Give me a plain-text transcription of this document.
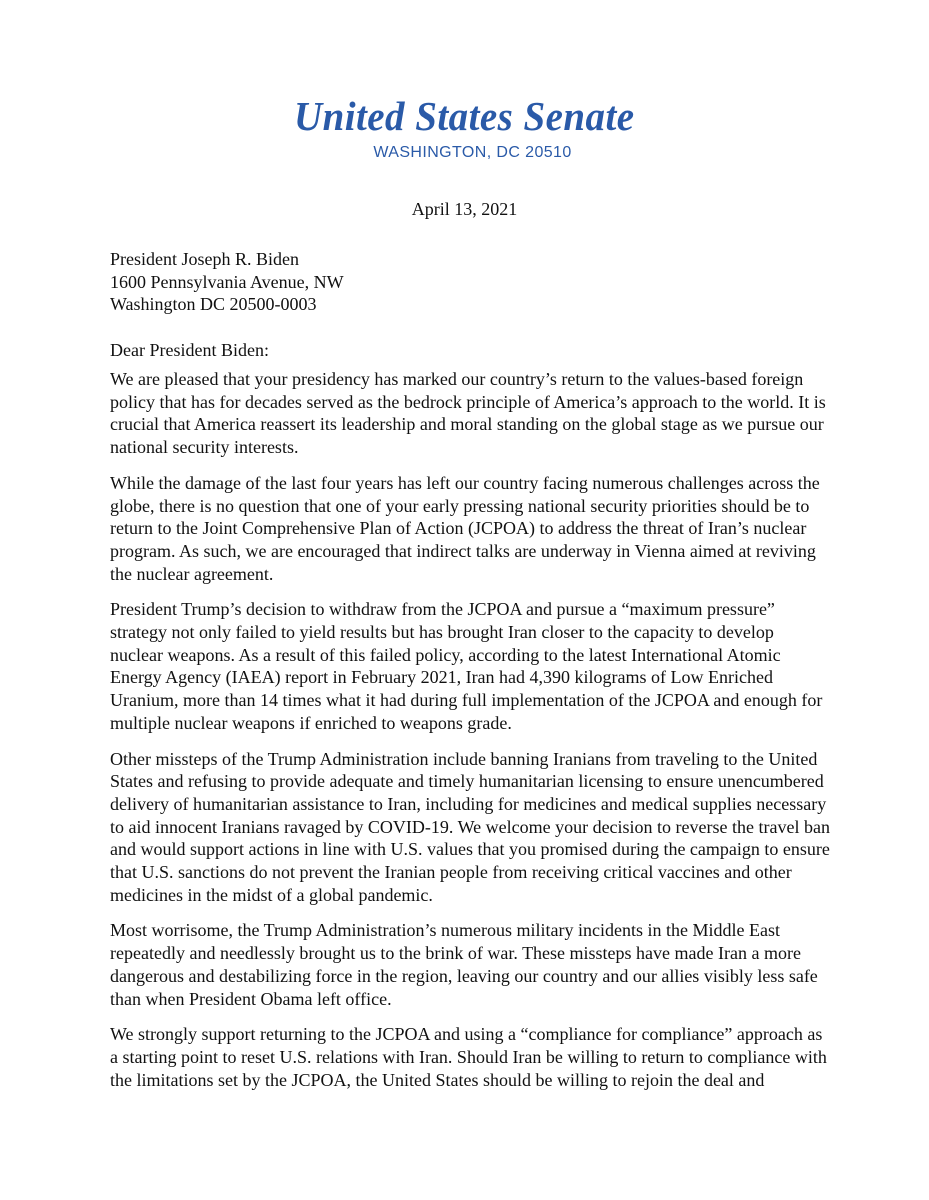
United States Senate
WASHINGTON, DC 20510
April 13, 2021
President Joseph R. Biden
1600 Pennsylvania Avenue, NW
Washington DC 20500-0003
Dear President Biden:

We are pleased that your presidency has marked our country’s return to the values-based foreign policy that has for decades served as the bedrock principle of America’s approach to the world. It is crucial that America reassert its leadership and moral standing on the global stage as we pursue our national security interests.

While the damage of the last four years has left our country facing numerous challenges across the globe, there is no question that one of your early pressing national security priorities should be to return to the Joint Comprehensive Plan of Action (JCPOA) to address the threat of Iran’s nuclear program. As such, we are encouraged that indirect talks are underway in Vienna aimed at reviving the nuclear agreement.

President Trump’s decision to withdraw from the JCPOA and pursue a “maximum pressure” strategy not only failed to yield results but has brought Iran closer to the capacity to develop nuclear weapons. As a result of this failed policy, according to the latest International Atomic Energy Agency (IAEA) report in February 2021, Iran had 4,390 kilograms of Low Enriched Uranium, more than 14 times what it had during full implementation of the JCPOA and enough for multiple nuclear weapons if enriched to weapons grade.

Other missteps of the Trump Administration include banning Iranians from traveling to the United States and refusing to provide adequate and timely humanitarian licensing to ensure unencumbered delivery of humanitarian assistance to Iran, including for medicines and medical supplies necessary to aid innocent Iranians ravaged by COVID-19. We welcome your decision to reverse the travel ban and would support actions in line with U.S. values that you promised during the campaign to ensure that U.S. sanctions do not prevent the Iranian people from receiving critical vaccines and other medicines in the midst of a global pandemic.

Most worrisome, the Trump Administration’s numerous military incidents in the Middle East repeatedly and needlessly brought us to the brink of war. These missteps have made Iran a more dangerous and destabilizing force in the region, leaving our country and our allies visibly less safe than when President Obama left office.

We strongly support returning to the JCPOA and using a “compliance for compliance” approach as a starting point to reset U.S. relations with Iran. Should Iran be willing to return to compliance with the limitations set by the JCPOA, the United States should be willing to rejoin the deal and
